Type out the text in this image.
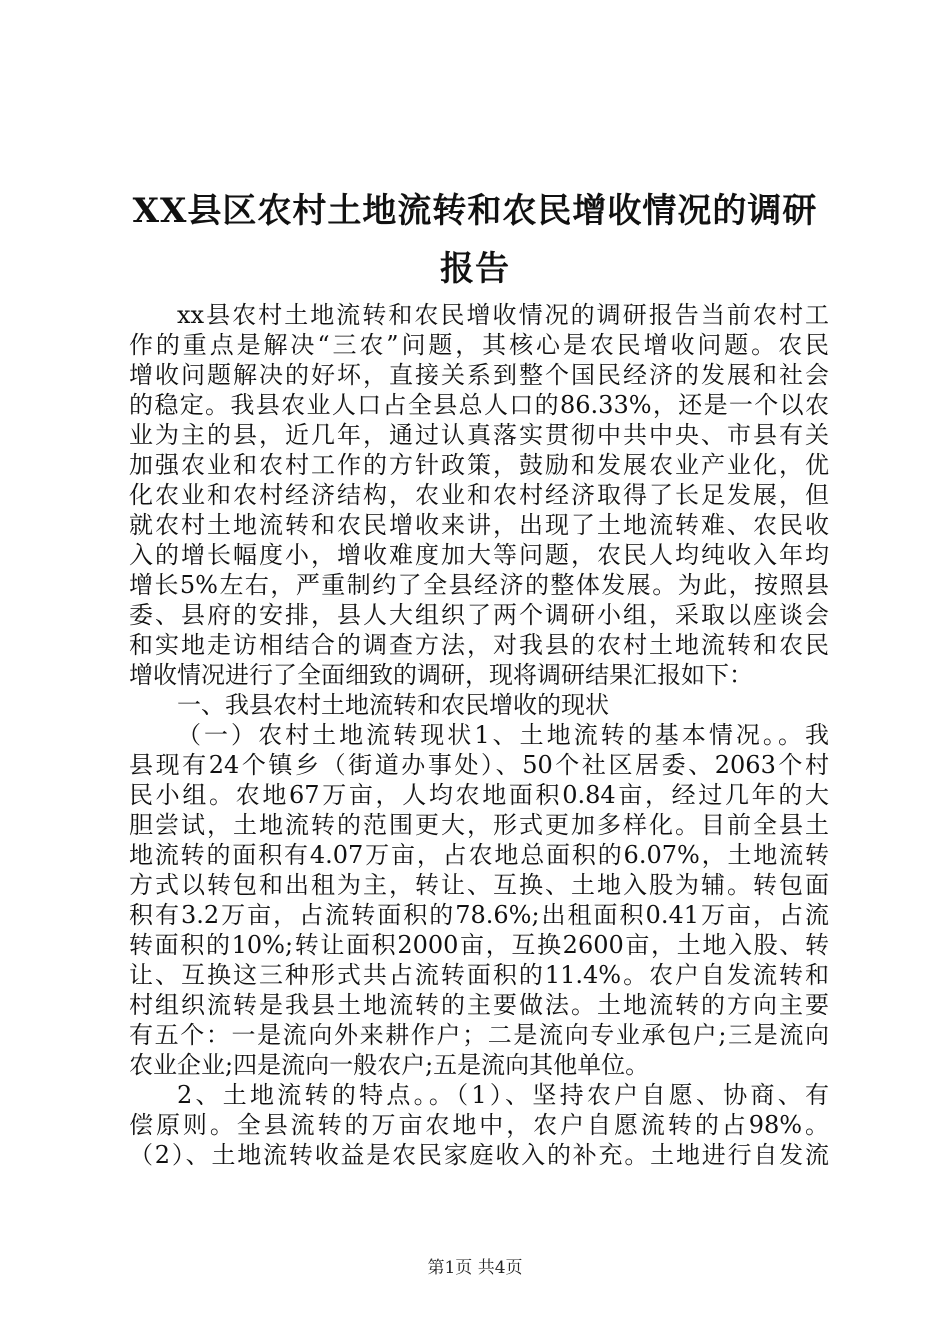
XX县区农村土地流转和农民增收情况的调研
报告
xx县农村土地流转和农民增收情况的调研报告当前农村工
作的重点是解决“三农”问题，其核心是农民增收问题。农民
增收问题解决的好坏，直接关系到整个国民经济的发展和社会
的稳定。我县农业人口占全县总人口的86.33%，还是一个以农
业为主的县，近几年，通过认真落实贯彻中共中央、市县有关
加强农业和农村工作的方针政策，鼓励和发展农业产业化，优
化农业和农村经济结构，农业和农村经济取得了长足发展，但
就农村土地流转和农民增收来讲，出现了土地流转难、农民收
入的增长幅度小，增收难度加大等问题，农民人均纯收入年均
增长5%左右，严重制约了全县经济的整体发展。为此，按照县
委、县府的安排，县人大组织了两个调研小组，采取以座谈会
和实地走访相结合的调查方法，对我县的农村土地流转和农民
增收情况进行了全面细致的调研，现将调研结果汇报如下：
一、我县农村土地流转和农民增收的现状
（一）农村土地流转现状1、土地流转的基本情况。。我
县现有24个镇乡（街道办事处）、50个社区居委、2063个村
民小组。农地67万亩，人均农地面积0.84亩，经过几年的大
胆尝试，土地流转的范围更大，形式更加多样化。目前全县土
地流转的面积有4.07万亩，占农地总面积的6.07%，土地流转
方式以转包和出租为主，转让、互换、土地入股为辅。转包面
积有3.2万亩，占流转面积的78.6%;出租面积0.41万亩，占流
转面积的10%;转让面积2000亩，互换2600亩，土地入股、转
让、互换这三种形式共占流转面积的11.4%。农户自发流转和
村组织流转是我县土地流转的主要做法。土地流转的方向主要
有五个：一是流向外来耕作户；二是流向专业承包户;三是流向
农业企业;四是流向一般农户;五是流向其他单位。
2、土地流转的特点。。（1）、坚持农户自愿、协商、有
偿原则。全县流转的万亩农地中，农户自愿流转的占98%。
（2）、土地流转收益是农民家庭收入的补充。土地进行自发流
第1页 共4页
